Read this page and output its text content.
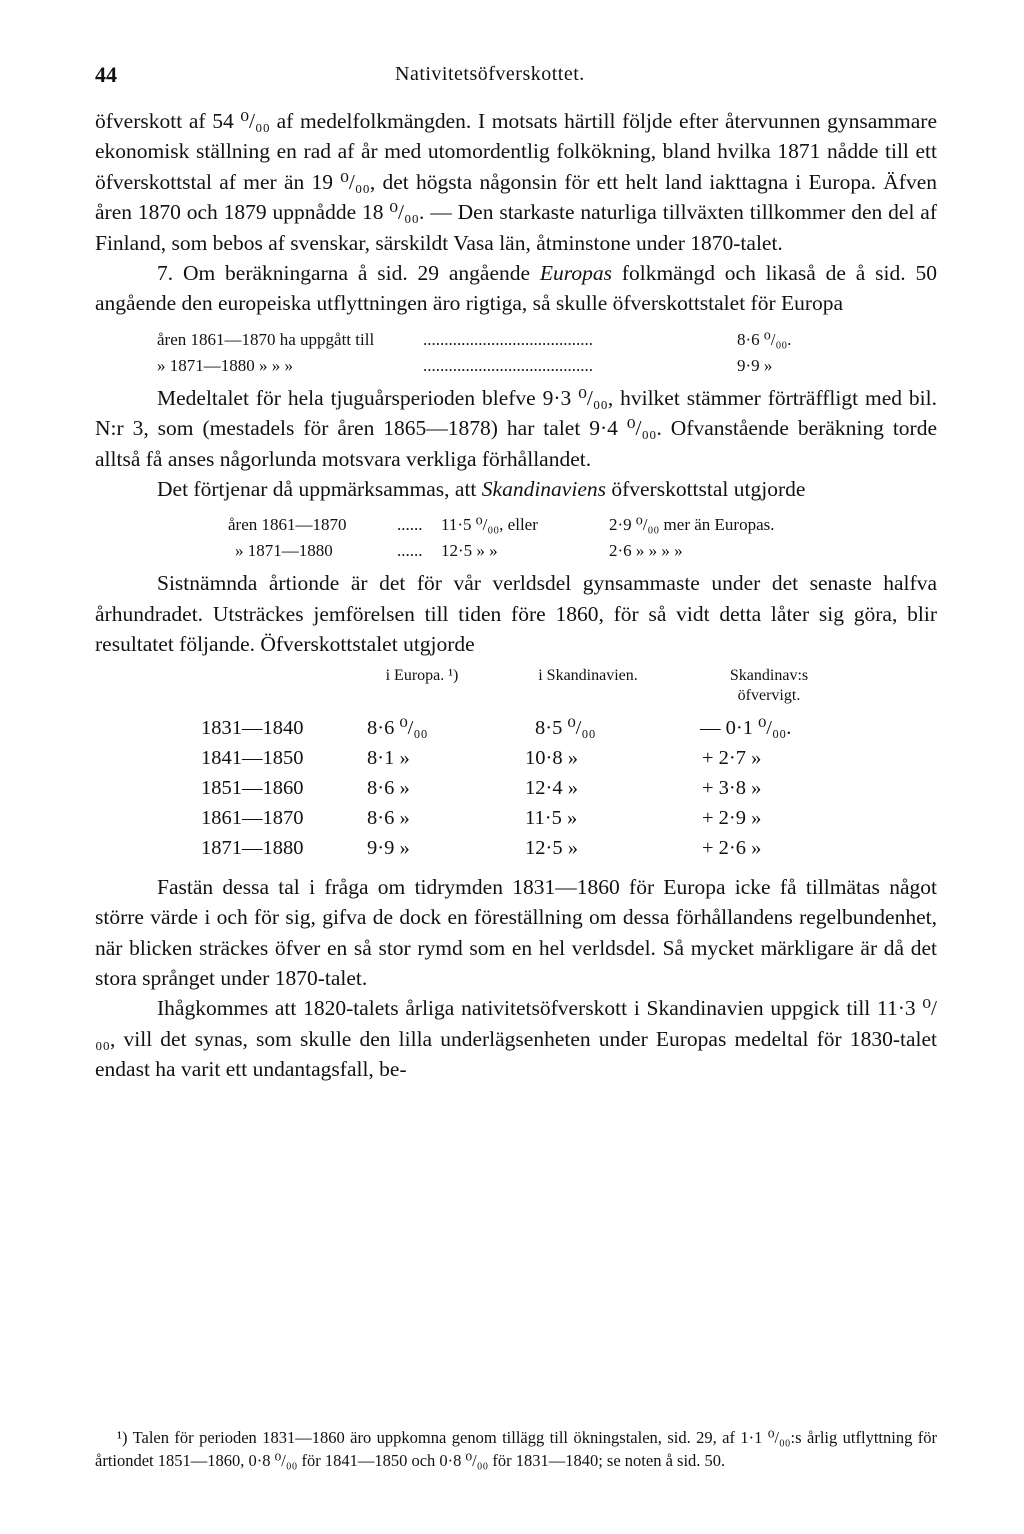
44	Nativitetsöfverskottet.

öfverskott af 54 ⁰/₀₀ af medelfolkmängden. I motsats härtill följde efter återvunnen gynsammare ekonomisk ställning en rad af år med utomordentlig folkökning, bland hvilka 1871 nådde till ett öfverskottstal af mer än 19 ⁰/₀₀, det högsta någonsin för ett helt land iakttagna i Europa. Äfven åren 1870 och 1879 uppnådde 18 ⁰/₀₀. — Den starkaste naturliga tillväxten tillkommer den del af Finland, som bebos af svenskar, särskildt Vasa län, åtminstone under 1870-talet.

7. Om beräkningarna å sid. 29 angående Europas folkmängd och likaså de å sid. 50 angående den europeiska utflyttningen äro rigtiga, så skulle öfverskottstalet för Europa

åren 1861—1870 ha uppgått till	........................................	8·6 ⁰/₀₀.
» 1871—1880 » » »	........................................	9·9 »

Medeltalet för hela tjuguårsperioden blefve 9·3 ⁰/₀₀, hvilket stämmer förträffligt med bil. N:r 3, som (mestadels för åren 1865—1878) har talet 9·4 ⁰/₀₀. Ofvanstående beräkning torde alltså få anses någorlunda motsvara verkliga förhållandet.

Det förtjenar då uppmärksammas, att Skandinaviens öfverskottstal utgjorde

åren 1861—1870	...... 11·5 ⁰/₀₀, eller	2·9 ⁰/₀₀ mer än Europas.
» 1871—1880	...... 12·5 » »	2·6 » » » »

Sistnämnda årtionde är det för vår verldsdel gynsammaste under det senaste halfva århundradet. Utsträckes jemförelsen till tiden före 1860, för så vidt detta låter sig göra, blir resultatet följande. Öfverskottstalet utgjorde

i Europa. ¹)	i Skandinavien.	Skandinav:s öfvervigt.
1831—1840	8·6 ⁰/₀₀	8·5 ⁰/₀₀	— 0·1 ⁰/₀₀.
1841—1850	8·1 »	10·8 »	+ 2·7 »
1851—1860	8·6 »	12·4 »	+ 3·8 »
1861—1870	8·6 »	11·5 »	+ 2·9 »
1871—1880	9·9 »	12·5 »	+ 2·6 »

Fastän dessa tal i fråga om tidrymden 1831—1860 för Europa icke få tillmätas något större värde i och för sig, gifva de dock en föreställning om dessa förhållandens regelbundenhet, när blicken sträckes öfver en så stor rymd som en hel verldsdel. Så mycket märkligare är då det stora språnget under 1870-talet.

Ihågkommes att 1820-talets årliga nativitetsöfverskott i Skandinavien uppgick till 11·3 ⁰/₀₀, vill det synas, som skulle den lilla underlägsenheten under Europas medeltal för 1830-talet endast ha varit ett undantagsfall, be-

¹) Talen för perioden 1831—1860 äro uppkomna genom tillägg till ökningstalen, sid. 29, af 1·1 ⁰/₀₀:s årlig utflyttning för årtiondet 1851—1860, 0·8 ⁰/₀₀ för 1841—1850 och 0·8 ⁰/₀₀ för 1831—1840; se noten å sid. 50.
